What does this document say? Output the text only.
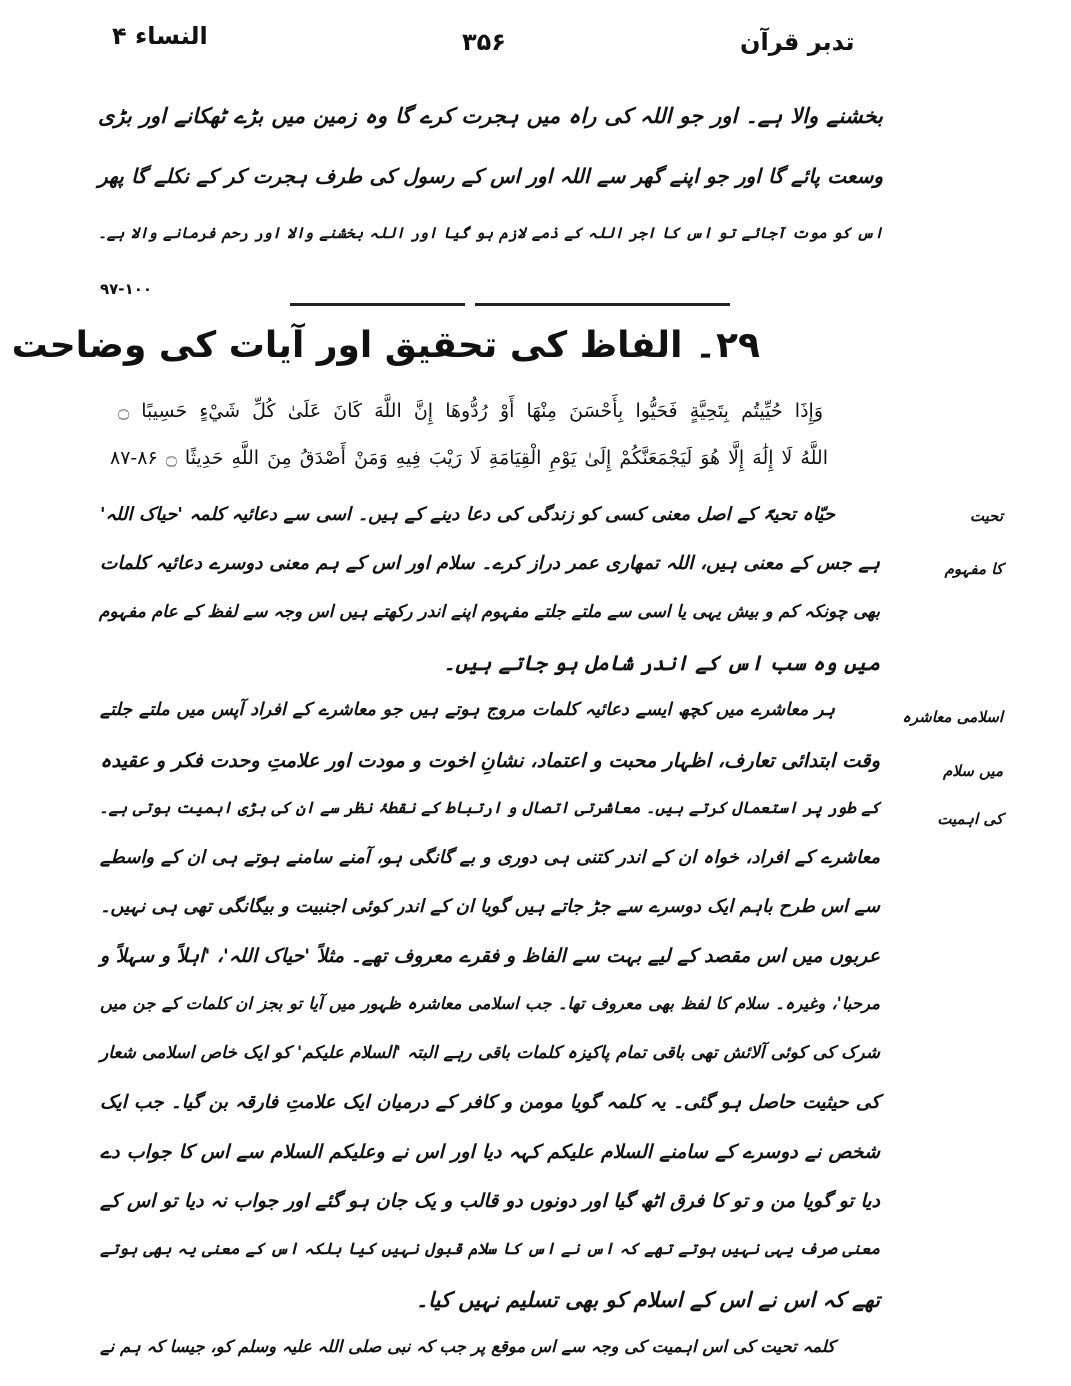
تدبر قرآن
۳۵۶
النساء ۴
بخشنے والا ہے۔ اور جو اللہ کی راہ میں ہجرت کرے گا وہ زمین میں بڑے ٹھکانے اور بڑی
وسعت پائے گا اور جو اپنے گھر سے اللہ اور اس کے رسول کی طرف ہجرت کر کے نکلے گا پھر
اس کو موت آجائے تو اس کا اجر اللہ کے ذمے لازم ہو گیا اور اللہ بخشنے والا اور رحم فرمانے والا ہے۔
۹۷-۱۰۰
۲۹۔ الفاظ کی تحقیق اور آیات کی وضاحت
وَإِذَا حُيِّيتُم بِتَحِيَّةٍ فَحَيُّوا بِأَحْسَنَ مِنْهَا أَوْ رُدُّوهَا إِنَّ اللَّهَ كَانَ عَلَىٰ كُلِّ شَيْءٍ حَسِيبًا ۝
اللَّهُ لَا إِلَٰهَ إِلَّا هُوَ لَيَجْمَعَنَّكُمْ إِلَىٰ يَوْمِ الْقِيَامَةِ لَا رَيْبَ فِيهِ وَمَنْ أَصْدَقُ مِنَ اللَّهِ حَدِيثًا ۝ ۸۶-۸۷
تحیت
کا مفہوم
اسلامی معاشرہ
میں سلام
کی اہمیت
حیّاہ تحیۃً کے اصل معنی کسی کو زندگی کی دعا دینے کے ہیں۔ اسی سے دعائیہ کلمہ 'حیاک اللہ'
ہے جس کے معنی ہیں، اللہ تمھاری عمر دراز کرے۔ سلام اور اس کے ہم معنی دوسرے دعائیہ کلمات
بھی چونکہ کم و بیش یہی یا اسی سے ملتے جلتے مفہوم اپنے اندر رکھتے ہیں اس وجہ سے لفظ کے عام مفہوم
میں وہ سب اس کے اندر شامل ہو جاتے ہیں۔
ہر معاشرے میں کچھ ایسے دعائیہ کلمات مروج ہوتے ہیں جو معاشرے کے افراد آپس میں ملتے جلتے
وقت ابتدائی تعارف، اظہار محبت و اعتماد، نشانِ اخوت و مودت اور علامتِ وحدت فکر و عقیدہ
کے طور پر استعمال کرتے ہیں۔ معاشرتی اتصال و ارتباط کے نقطۂ نظر سے ان کی بڑی اہمیت ہوتی ہے۔
معاشرے کے افراد، خواہ ان کے اندر کتنی ہی دوری و بے گانگی ہو، آمنے سامنے ہوتے ہی ان کے واسطے
سے اس طرح باہم ایک دوسرے سے جڑ جاتے ہیں گویا ان کے اندر کوئی اجنبیت و بیگانگی تھی ہی نہیں۔
عربوں میں اس مقصد کے لیے بہت سے الفاظ و فقرے معروف تھے۔ مثلاً 'حیاک اللہ'، 'اہلاً و سہلاً و
مرحبا'، وغیرہ۔ سلام کا لفظ بھی معروف تھا۔ جب اسلامی معاشرہ ظہور میں آیا تو بجز ان کلمات کے جن میں
شرک کی کوئی آلائش تھی باقی تمام پاکیزہ کلمات باقی رہے البتہ 'السلام علیکم' کو ایک خاص اسلامی شعار
کی حیثیت حاصل ہو گئی۔ یہ کلمہ گویا مومن و کافر کے درمیان ایک علامتِ فارقہ بن گیا۔ جب ایک
شخص نے دوسرے کے سامنے السلام علیکم کہہ دیا اور اس نے وعلیکم السلام سے اس کا جواب دے
دیا تو گویا من و تو کا فرق اٹھ گیا اور دونوں دو قالب و یک جان ہو گئے اور جواب نہ دیا تو اس کے
معنی صرف یہی نہیں ہوتے تھے کہ اس نے اس کا سلام قبول نہیں کیا بلکہ اس کے معنی یہ بھی ہوتے
تھے کہ اس نے اس کے اسلام کو بھی تسلیم نہیں کیا۔
کلمہ تحیت کی اس اہمیت کی وجہ سے اس موقع پر جب کہ نبی صلی اللہ علیہ وسلم کو، جیسا کہ ہم نے
